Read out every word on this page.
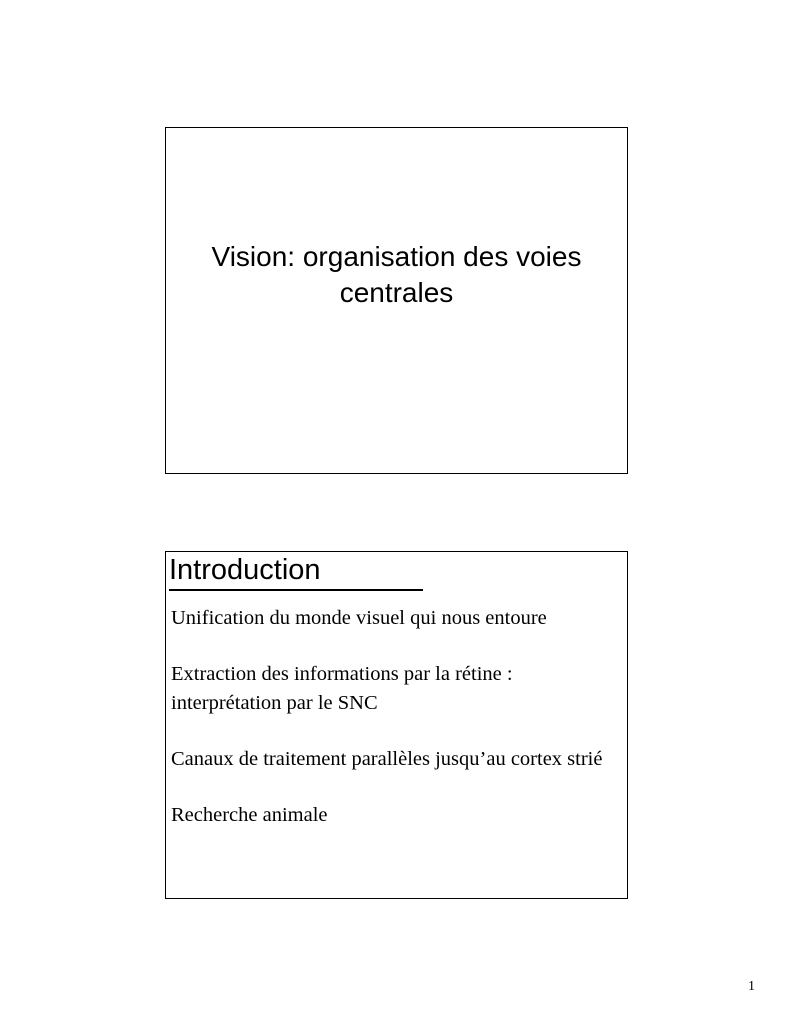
Vision: organisation des voies centrales
Introduction

Unification du monde visuel qui nous entoure

Extraction des informations par la rétine : interprétation par le SNC

Canaux de traitement parallèles jusqu’au cortex strié

Recherche animale

1
